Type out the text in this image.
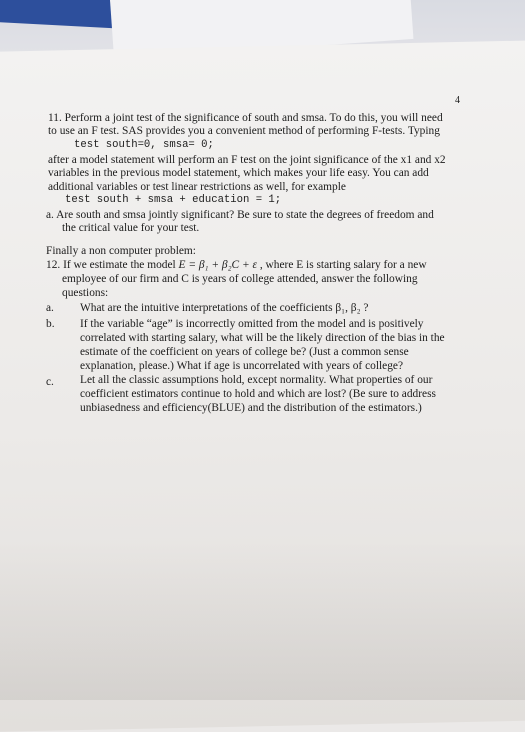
4
11. Perform a joint test of the significance of south and smsa. To do this, you will need
to use an F test. SAS provides you a convenient method of performing F-tests. Typing
test south=0, smsa= 0;
after a model statement will perform an F test on the joint significance of the x1 and x2
variables in the previous model statement, which makes your life easy. You can add
additional variables or test linear restrictions as well, for example
test south + smsa + education = 1;
a. Are south and smsa jointly significant? Be sure to state the degrees of freedom and
the critical value for your test.
Finally a non computer problem:
12. If we estimate the model E = β₁ + β₂C + ε , where E is starting salary for a new
employee of our firm and C is years of college attended, answer the following
questions:
a. What are the intuitive interpretations of the coefficients β₁, β₂ ?
b. If the variable “age” is incorrectly omitted from the model and is positively
correlated with starting salary, what will be the likely direction of the bias in the
estimate of the coefficient on years of college be? (Just a common sense
explanation, please.) What if age is uncorrelated with years of college?
c. Let all the classic assumptions hold, except normality. What properties of our
coefficient estimators continue to hold and which are lost? (Be sure to address
unbiasedness and efficiency(BLUE) and the distribution of the estimators.)
